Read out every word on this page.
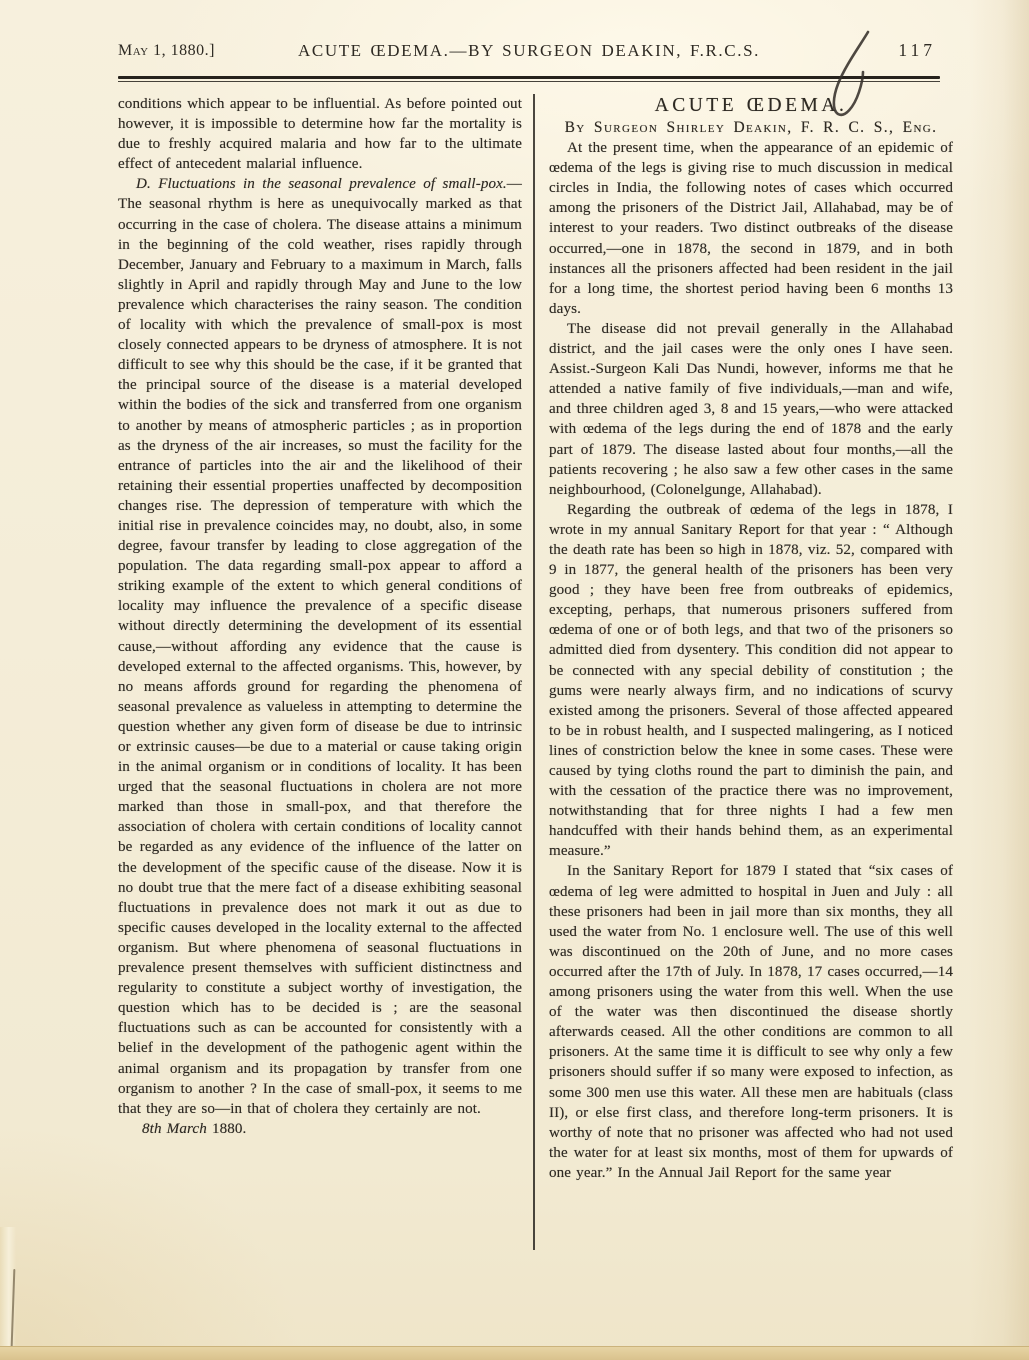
May 1, 1880.]	ACUTE ŒDEMA.—BY SURGEON DEAKIN, F.R.C.S.	117

conditions which appear to be influential. As before pointed out however, it is impossible to determine how far the mortality is due to freshly acquired malaria and how far to the ultimate effect of antecedent malarial influence.

D. Fluctuations in the seasonal prevalence of small-pox.—The seasonal rhythm is here as unequivocally marked as that occurring in the case of cholera. The disease attains a minimum in the beginning of the cold weather, rises rapidly through December, January and February to a maximum in March, falls slightly in April and rapidly through May and June to the low prevalence which characterises the rainy season. The condition of locality with which the prevalence of small-pox is most closely connected appears to be dryness of atmosphere. It is not difficult to see why this should be the case, if it be granted that the principal source of the disease is a material developed within the bodies of the sick and transferred from one organism to another by means of atmospheric particles ; as in proportion as the dryness of the air increases, so must the facility for the entrance of particles into the air and the likelihood of their retaining their essential properties unaffected by decomposition changes rise. The depression of temperature with which the initial rise in prevalence coincides may, no doubt, also, in some degree, favour transfer by leading to close aggregation of the population. The data regarding small-pox appear to afford a striking example of the extent to which general conditions of locality may influence the prevalence of a specific disease without directly determining the development of its essential cause,—without affording any evidence that the cause is developed external to the affected organisms. This, however, by no means affords ground for regarding the phenomena of seasonal prevalence as valueless in attempting to determine the question whether any given form of disease be due to intrinsic or extrinsic causes—be due to a material or cause taking origin in the animal organism or in conditions of locality. It has been urged that the seasonal fluctuations in cholera are not more marked than those in small-pox, and that therefore the association of cholera with certain conditions of locality cannot be regarded as any evidence of the influence of the latter on the development of the specific cause of the disease. Now it is no doubt true that the mere fact of a disease exhibiting seasonal fluctuations in prevalence does not mark it out as due to specific causes developed in the locality external to the affected organism. But where phenomena of seasonal fluctuations in prevalence present themselves with sufficient distinctness and regularity to constitute a subject worthy of investigation, the question which has to be decided is ; are the seasonal fluctuations such as can be accounted for consistently with a belief in the development of the pathogenic agent within the animal organism and its propagation by transfer from one organism to another ? In the case of small-pox, it seems to me that they are so—in that of cholera they certainly are not.

8th March 1880.

ACUTE ŒDEMA.

By Surgeon Shirley Deakin, F. R. C. S., Eng.

At the present time, when the appearance of an epidemic of œdema of the legs is giving rise to much discussion in medical circles in India, the following notes of cases which occurred among the prisoners of the District Jail, Allahabad, may be of interest to your readers. Two distinct outbreaks of the disease occurred,—one in 1878, the second in 1879, and in both instances all the prisoners affected had been resident in the jail for a long time, the shortest period having been 6 months 13 days.

The disease did not prevail generally in the Allahabad district, and the jail cases were the only ones I have seen. Assist.-Surgeon Kali Das Nundi, however, informs me that he attended a native family of five individuals,—man and wife, and three children aged 3, 8 and 15 years,—who were attacked with œdema of the legs during the end of 1878 and the early part of 1879. The disease lasted about four months,—all the patients recovering ; he also saw a few other cases in the same neighbourhood, (Colonelgunge, Allahabad).

Regarding the outbreak of œdema of the legs in 1878, I wrote in my annual Sanitary Report for that year : “ Although the death rate has been so high in 1878, viz. 52, compared with 9 in 1877, the general health of the prisoners has been very good ; they have been free from outbreaks of epidemics, excepting, perhaps, that numerous prisoners suffered from œdema of one or of both legs, and that two of the prisoners so admitted died from dysentery. This condition did not appear to be connected with any special debility of constitution ; the gums were nearly always firm, and no indications of scurvy existed among the prisoners. Several of those affected appeared to be in robust health, and I suspected malingering, as I noticed lines of constriction below the knee in some cases. These were caused by tying cloths round the part to diminish the pain, and with the cessation of the practice there was no improvement, notwithstanding that for three nights I had a few men handcuffed with their hands behind them, as an experimental measure.”

In the Sanitary Report for 1879 I stated that “six cases of œdema of leg were admitted to hospital in Juen and July : all these prisoners had been in jail more than six months, they all used the water from No. 1 enclosure well. The use of this well was discontinued on the 20th of June, and no more cases occurred after the 17th of July. In 1878, 17 cases occurred,—14 among prisoners using the water from this well. When the use of the water was then discontinued the disease shortly afterwards ceased. All the other conditions are common to all prisoners. At the same time it is difficult to see why only a few prisoners should suffer if so many were exposed to infection, as some 300 men use this water. All these men are habituals (class II), or else first class, and therefore long-term prisoners. It is worthy of note that no prisoner was affected who had not used the water for at least six months, most of them for upwards of one year.” In the Annual Jail Report for the same year
